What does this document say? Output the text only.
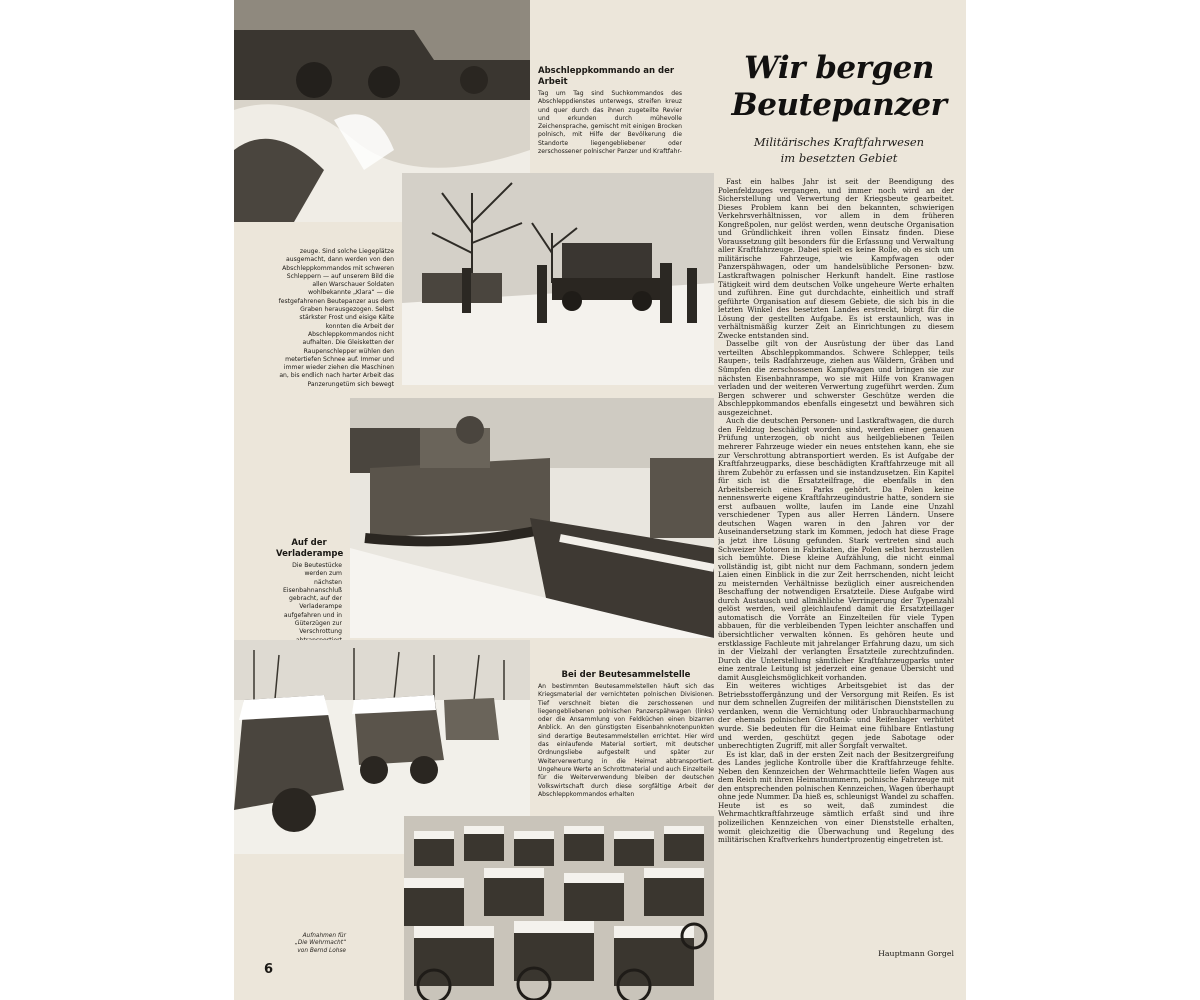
Abschleppkommando an der Arbeit

Tag um Tag sind Suchkommandos des Abschleppdienstes unterwegs, streifen kreuz und quer durch das ihnen zugeteilte Revier und erkunden durch mühevolle Zeichensprache, gemischt mit einigen Brocken polnisch, mit Hilfe der Bevölkerung die Standorte liegengebliebener oder zerschossener polnischer Panzer und Kraftfahr-

zeuge. Sind solche Liegeplätze ausgemacht, dann werden von den Abschleppkommandos mit schweren Schleppern — auf unserem Bild die allen Warschauer Soldaten wohlbekannte „Klara“ — die festgefahrenen Beutepanzer aus dem Graben herausgezogen. Selbst stärkster Frost und eisige Kälte konnten die Arbeit der Abschleppkommandos nicht aufhalten. Die Gleisketten der Raupenschlepper wühlen den metertiefen Schnee auf. Immer und immer wieder ziehen die Maschinen an, bis endlich nach harter Arbeit das Panzerungetüm sich bewegt

Auf der Verladerampe

Die Beutestücke werden zum nächsten Eisenbahnanschluß gebracht, auf der Verladerampe aufgefahren und in Güterzügen zur Verschrottung

Bei der Beutesammelstelle

An bestimmten Beutesammelstellen häuft sich das Kriegsmaterial der vernichteten polnischen Divisionen. Tief verschneit bieten die zerschossenen und liegengebliebenen polnischen Panzerspähwagen (links) oder die Ansammlung von Feldküchen einen bizarren Anblick. An den günstigsten Eisenbahnknotenpunkten sind derartige Beutesammelstellen errichtet. Hier wird das einlaufende Material sortiert, mit deutscher Ordnungsliebe aufgestellt und später zur Weiterverwertung in die Heimat abtransportiert. Ungeheure Werte an Schrottmaterial und auch Einzelteile für die Weiterverwendung bleiben der deutschen Volkswirtschaft durch diese sorgfältige Arbeit der Abschleppkommandos erhalten

Wir bergen
Beutepanzer
Militärisches Kraftfahrwesen
im besetzten Gebiet

Fast ein halbes Jahr ist seit der Beendigung des Polenfeldzuges vergangen, und immer noch wird an der Sicherstellung und Verwertung der Kriegsbeute gearbeitet. Dieses Problem kann bei den bekannten, schwierigen Verkehrsverhältnissen, vor allem in dem früheren Kongreßpolen, nur gelöst werden, wenn deutsche Organisation und Gründlichkeit ihren vollen Einsatz finden. Diese Voraussetzung gilt besonders für die Erfassung und Verwaltung aller Kraftfahrzeuge. Dabei spielt es keine Rolle, ob es sich um militärische Fahrzeuge, wie Kampfwagen oder Panzerspähwagen, oder um handelsübliche Personen- bzw. Lastkraftwagen polnischer Herkunft handelt. Eine rastlose Tätigkeit wird dem deutschen Volke ungeheure Werte erhalten und zuführen. Eine gut durchdachte, einheitlich und straff geführte Organisation auf diesem Gebiete, die sich bis in die letzten Winkel des besetzten Landes erstreckt, bürgt für die Lösung der gestellten Aufgabe. Es ist erstaunlich, was in verhältnismäßig kurzer Zeit an Einrichtungen zu diesem Zwecke entstanden sind.

Dasselbe gilt von der Ausrüstung der über das Land verteilten Abschleppkommandos. Schwere Schlepper, teils Raupen-, teils Radfahrzeuge, ziehen aus Wäldern, Gräben und Sümpfen die zerschossenen Kampfwagen und bringen sie zur nächsten Eisenbahnrampe, wo sie mit Hilfe von Kranwagen verladen und der weiteren Verwertung zugeführt werden. Zum Bergen schwerer und schwerster Geschütze werden die Abschleppkommandos ebenfalls eingesetzt und bewähren sich ausgezeichnet.

Auch die deutschen Personen- und Lastkraftwagen, die durch den Feldzug beschädigt worden sind, werden einer genauen Prüfung unterzogen, ob nicht aus heilgebliebenen Teilen mehrerer Fahrzeuge wieder ein neues entstehen kann, ehe sie zur Verschrottung abtransportiert werden. Es ist Aufgabe der Kraftfahrzeugparks, diese beschädigten Kraftfahrzeuge mit all ihrem Zubehör zu erfassen und sie instandzusetzen. Ein Kapitel für sich ist die Ersatzteilfrage, die ebenfalls in den Arbeitsbereich eines Parks gehört. Da Polen keine nennenswerte eigene Kraftfahrzeugindustrie hatte, sondern sie erst aufbauen wollte, laufen im Lande eine Unzahl verschiedener Typen aus aller Herren Ländern. Unsere deutschen Wagen waren in den Jahren vor der Auseinandersetzung stark im Kommen, jedoch hat diese Frage ja jetzt ihre Lösung gefunden. Stark vertreten sind auch Schweizer Motoren in Fabrikaten, die Polen selbst herzustellen sich bemühte. Diese kleine Aufzählung, die nicht einmal vollständig ist, gibt nicht nur dem Fachmann, sondern jedem Laien einen Einblick in die zur Zeit herrschenden, nicht leicht zu meisternden Verhältnisse bezüglich einer ausreichenden Beschaffung der notwendigen Ersatzteile. Diese Aufgabe wird durch Austausch und allmähliche Verringerung der Typenzahl gelöst werden, weil gleichlaufend damit die Ersatzteillager automatisch die Vorräte an Einzelteilen für viele Typen abbauen, für die verbleibenden Typen leichter anschaffen und übersichtlicher verwalten können. Es gehören heute und erstklassige Fachleute mit jahrelanger Erfahrung dazu, um sich in der Vielzahl der verlangten Ersatzteile zurechtzufinden. Durch die Unterstellung sämtlicher Kraftfahrzeugparks unter eine zentrale Leitung ist jederzeit eine genaue Übersicht und damit Ausgleichsmöglichkeit vorhanden.

Ein weiteres wichtiges Arbeitsgebiet ist das der Betriebsstoffergänzung und der Versorgung mit Reifen. Es ist nur dem schnellen Zugreifen der militärischen Dienststellen zu verdanken, wenn die Vernichtung oder Unbrauchbarmachung der ehemals polnischen Großtank- und Reifenlager verhütet wurde. Sie bedeuten für die Heimat eine fühlbare Entlastung und werden, geschützt gegen jede Sabotage oder unberechtigten Zugriff, mit aller Sorgfalt verwaltet.

Es ist klar, daß in der ersten Zeit nach der Besitzergreifung des Landes jegliche Kontrolle über die Kraftfahrzeuge fehlte. Neben den Kennzeichen der Wehrmachtteile liefen Wagen aus dem Reich mit ihren Heimatnummern, polnische Fahrzeuge mit den entsprechenden polnischen Kennzeichen, Wagen überhaupt ohne jede Nummer. Da hieß es, schleunigst Wandel zu schaffen. Heute ist es so weit, daß zumindest die Wehrmachtkraftfahrzeuge sämtlich erfaßt sind und ihre polizeilichen Kennzeichen von einer Dienststelle erhalten, womit gleichzeitig die Überwachung und Regelung des militärischen Kraftverkehrs hundertprozentig eingetreten ist.

Hauptmann Gorgel
Aufnahmen für
„Die Wehrmacht“
von Bernd Lohse
6
